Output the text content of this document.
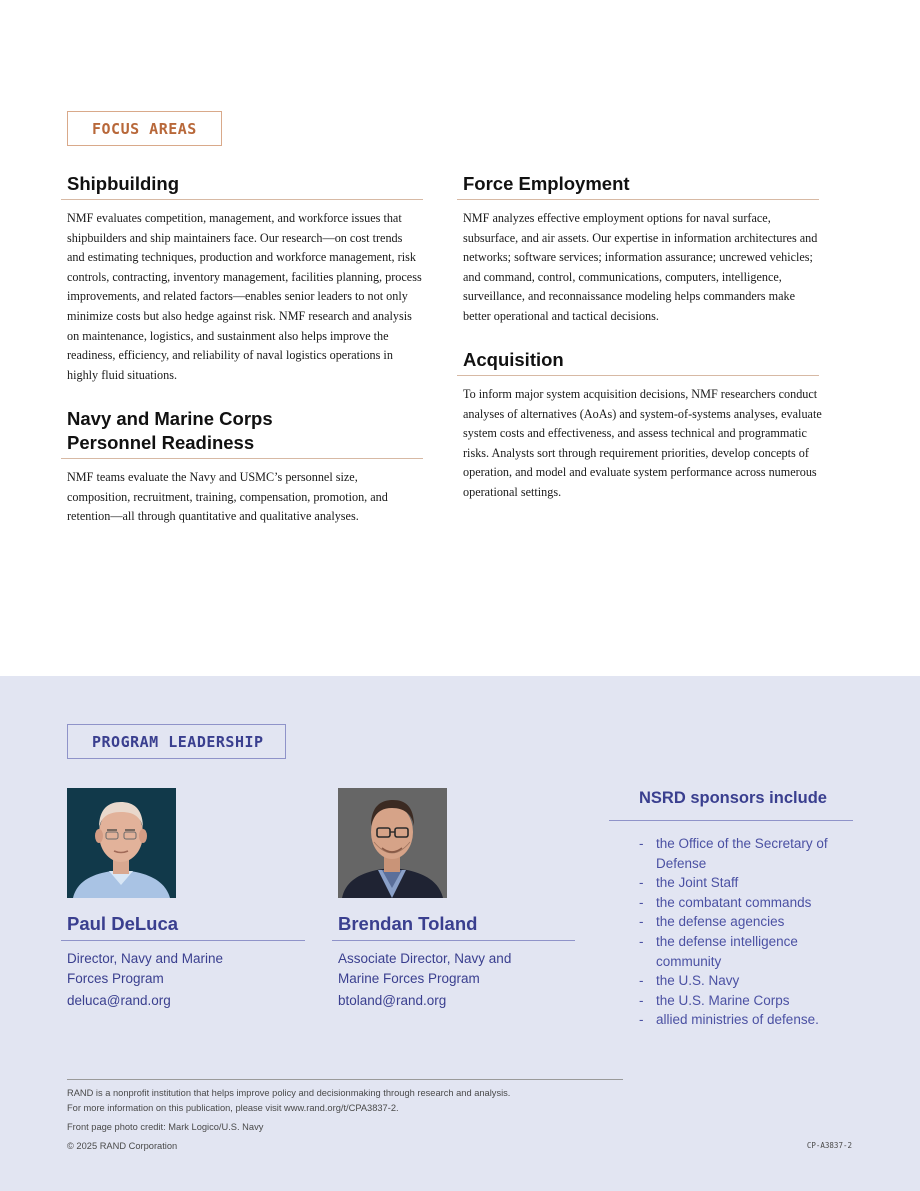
FOCUS AREAS
Shipbuilding

NMF evaluates competition, management, and workforce issues that shipbuilders and ship maintainers face. Our research—on cost trends and estimating techniques, production and workforce management, risk controls, contracting, inventory management, facilities planning, process improvements, and related factors—enables senior leaders to not only minimize costs but also hedge against risk. NMF research and analysis on maintenance, logistics, and sustainment also helps improve the readiness, efficiency, and reliability of naval logistics operations in highly fluid situations.

Force Employment

NMF analyzes effective employment options for naval surface, subsurface, and air assets. Our expertise in information architectures and networks; software services; information assurance; uncrewed vehicles; and command, control, communications, computers, intelligence, surveillance, and reconnaissance modeling helps commanders make better operational and tactical decisions.

Acquisition

To inform major system acquisition decisions, NMF researchers conduct analyses of alternatives (AoAs) and system-of-systems analyses, evaluate system costs and effectiveness, and assess technical and programmatic risks. Analysts sort through requirement priorities, develop concepts of operation, and model and evaluate system performance across numerous operational settings.

Navy and Marine Corps
Personnel Readiness

NMF teams evaluate the Navy and USMC’s personnel size, composition, recruitment, training, compensation, promotion, and retention—all through quantitative and qualitative analyses.

PROGRAM LEADERSHIP
Paul DeLuca
Director, Navy and Marine
Forces Program
deluca@rand.org
Brendan Toland
Associate Director, Navy and
Marine Forces Program
btoland@rand.org
NSRD sponsors include
- the Office of the Secretary of Defense
- the Joint Staff
- the combatant commands
- the defense agencies
- the defense intelligence community
- the U.S. Navy
- the U.S. Marine Corps
- allied ministries of defense.
RAND is a nonprofit institution that helps improve policy and decisionmaking through research and analysis.
For more information on this publication, please visit www.rand.org/t/CPA3837-2.
Front page photo credit: Mark Logico/U.S. Navy
© 2025 RAND Corporation	CP-A3837-2
